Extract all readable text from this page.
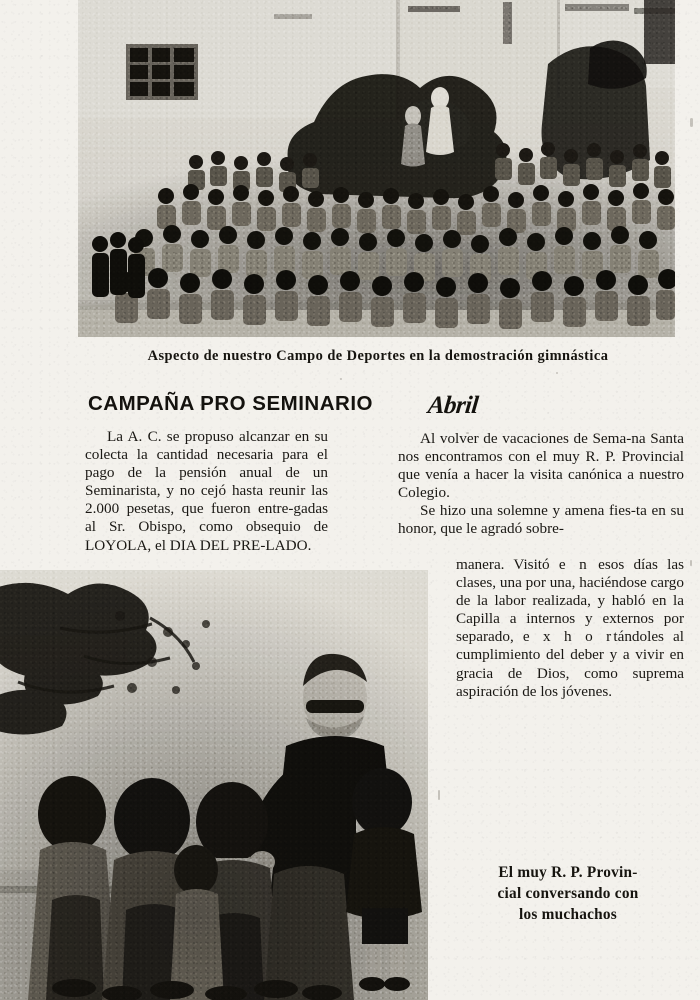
Aspecto de nuestro Campo de Deportes en la demostración gimnástica
CAMPAÑA PRO SEMINARIO Abril

La A. C. se propuso alcanzar en su colecta la cantidad necesaria para el pago de la pensión anual de un Seminarista, y no cejó hasta reunir las 2.000 pesetas, que fueron entre-gadas al Sr. Obispo, como obsequio de LOYOLA, el DIA DEL PRE-LADO.

Al volver de vacaciones de Sema-na Santa nos encontramos con el muy R. P. Provincial que venía a hacer la visita canónica a nuestro Colegio.

Se hizo una solemne y amena fies-ta en su honor, que le agradó sobre-

manera. Visitó e n esos días las clases, una por una, haciéndose cargo de la labor realizada, y habló en la Capilla a internos y externos por separado, e x h o rtándoles al cumplimiento del deber y a vivir en gracia de Dios, como suprema aspiración de los jóvenes.

El muy R. P. Provin-
cial conversando con
los muchachos
